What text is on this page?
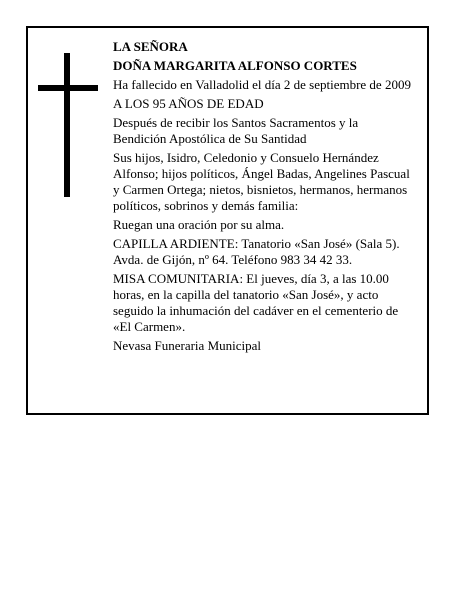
LA SEÑORA

DOÑA MARGARITA ALFONSO CORTES

Ha fallecido en Valladolid el día 2 de septiembre de 2009

A LOS 95 AÑOS DE EDAD

Después de recibir los Santos Sacramentos y la Bendición Apostólica de Su Santidad

Sus hijos, Isidro, Celedonio y Consuelo Hernández Alfonso; hijos políticos, Ángel Badas, Angelines Pascual y Carmen Ortega; nietos, bisnietos, hermanos, hermanos políticos, sobrinos y demás familia:

Ruegan una oración por su alma.

CAPILLA ARDIENTE: Tanatorio «San José» (Sala 5). Avda. de Gijón, nº 64. Teléfono 983 34 42 33.

MISA COMUNITARIA: El jueves, día 3, a las 10.00 horas, en la capilla del tanatorio «San José», y acto seguido la inhumación del cadáver en el cementerio de «El Carmen».

Nevasa Funeraria Municipal
